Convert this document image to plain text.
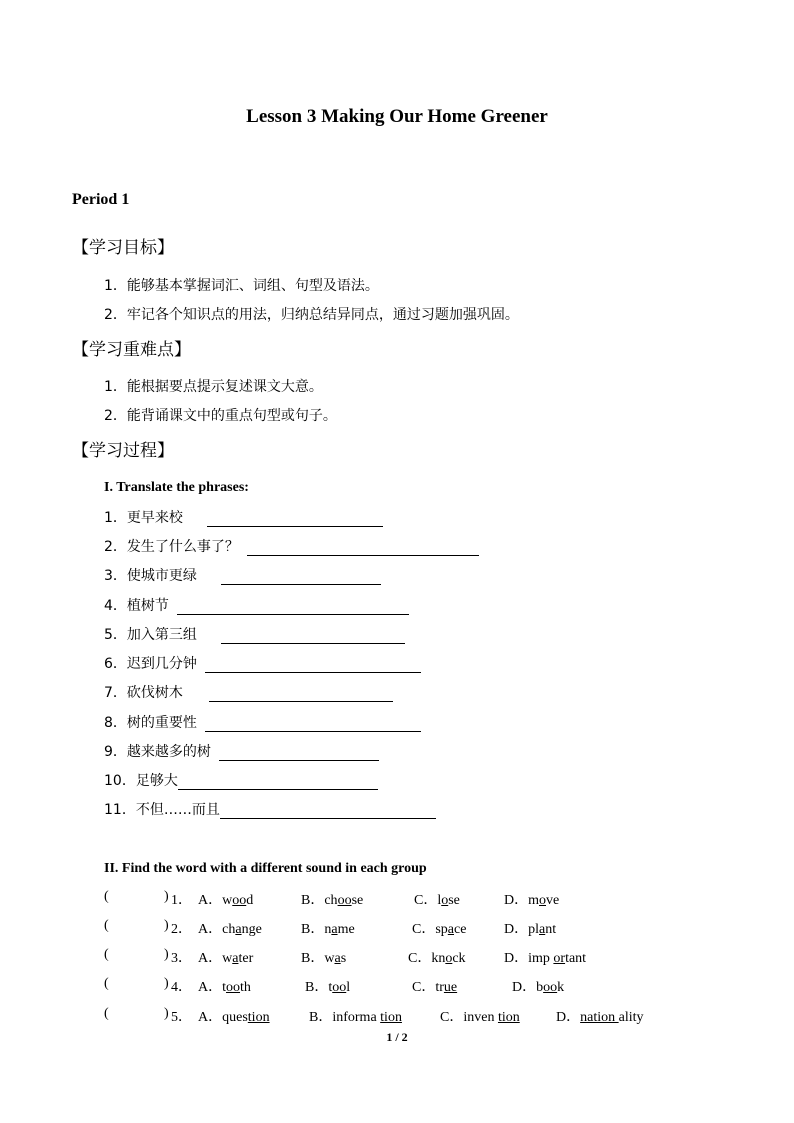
Lesson 3 Making Our Home Greener
Period 1
【学习目标】
1．能够基本掌握词汇、词组、句型及语法。
2．牢记各个知识点的用法，归纳总结异同点，通过习题加强巩固。
【学习重难点】
1．能根据要点提示复述课文大意。
2．能背诵课文中的重点句型或句子。
【学习过程】
I. Translate the phrases:
1．更早来校
2．发生了什么事了？
3．使城市更绿
4．植树节
5．加入第三组
6．迟到几分钟
7．砍伐树木
8．树的重要性
9．越来越多的树
10．足够大
11．不但……而且
II. Find the word with a different sound in each group
(	) 1． A．wood	B．choose	C．lose	D．move
(	) 2． A．change	B．name	C．space	D．plant
(	) 3． A．water	B．was	C．knock	D．imp ortant
(	) 4． A．tooth	B．tool	C．true	D．book
(	) 5． A．question	B．informa tion	C．inven tion	D．nation ality
1 / 2
